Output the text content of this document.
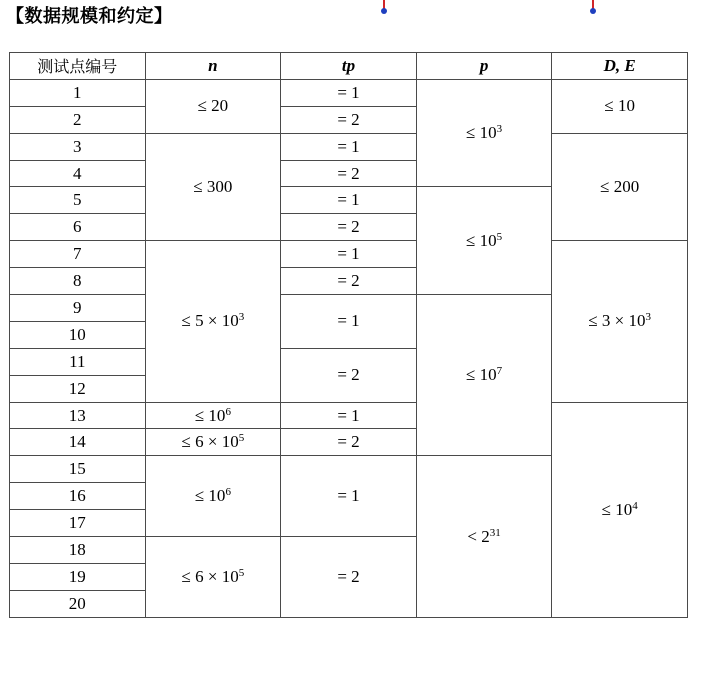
【数据规模和约定】
测试点编号	n	tp	p	D, E
1	≤ 20	= 1	≤ $10^3$	≤ 10
2		= 2		
3	≤ 300	= 1		≤ 200
4		= 2		
5		= 1	≤ $10^5$
6		= 2		
7	≤ $5 \times 10^3$	= 1		≤ $3 \times 10^3$
8		= 2		
9		= 1	≤ $10^7$
10				
11		= 2		
12				
13	≤ $10^6$	= 1		≤ $10^4$
14	≤ $6 \times 10^5$	= 2		
15	≤ $10^6$	= 1	< $2^{31}$
16				
17				
18	≤ $6 \times 10^5$	= 2		
19				
20				
